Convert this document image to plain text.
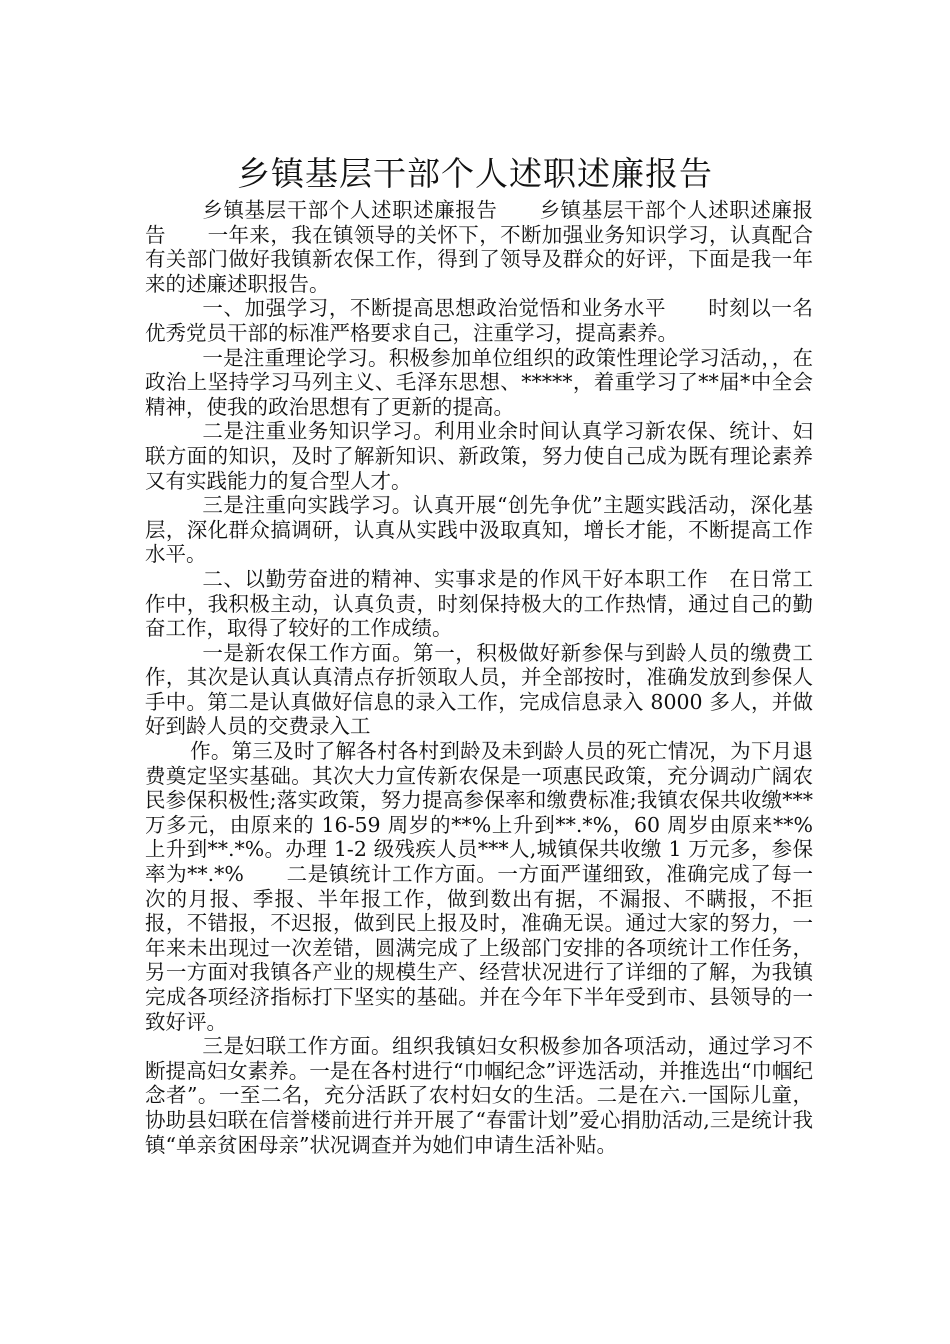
乡镇基层干部个人述职述廉报告

乡镇基层干部个人述职述廉报告　　乡镇基层干部个人述职述廉报告　　一年来，我在镇领导的关怀下，不断加强业务知识学习，认真配合有关部门做好我镇新农保工作，得到了领导及群众的好评，下面是我一年来的述廉述职报告。

一、加强学习，不断提高思想政治觉悟和业务水平　　时刻以一名优秀党员干部的标准严格要求自己，注重学习，提高素养。

一是注重理论学习。积极参加单位组织的政策性理论学习活动，，在政治上坚持学习马列主义、毛泽东思想、*****，着重学习了**届*中全会精神，使我的政治思想有了更新的提高。

二是注重业务知识学习。利用业余时间认真学习新农保、统计、妇联方面的知识，及时了解新知识、新政策，努力使自己成为既有理论素养又有实践能力的复合型人才。

三是注重向实践学习。认真开展“创先争优”主题实践活动，深化基层，深化群众搞调研，认真从实践中汲取真知，增长才能，不断提高工作水平。

二、以勤劳奋进的精神、实事求是的作风干好本职工作　在日常工作中，我积极主动，认真负责，时刻保持极大的工作热情，通过自己的勤奋工作，取得了较好的工作成绩。

一是新农保工作方面。第一，积极做好新参保与到龄人员的缴费工作，其次是认真认真清点存折领取人员，并全部按时，准确发放到参保人手中。第二是认真做好信息的录入工作，完成信息录入 8000 多人，并做好到龄人员的交费录入工

作。第三及时了解各村各村到龄及未到龄人员的死亡情况，为下月退费奠定坚实基础。其次大力宣传新农保是一项惠民政策，充分调动广阔农民参保积极性;落实政策，努力提高参保率和缴费标准;我镇农保共收缴***万多元，由原来的 16-59 周岁的**%上升到**.*%，60 周岁由原来**%上升到**.*%。办理 1-2 级残疾人员***人,城镇保共收缴 1 万元多，参保率为**.*%　　二是镇统计工作方面。一方面严谨细致，准确完成了每一次的月报、季报、半年报工作，做到数出有据，不漏报、不瞒报，不拒报，不错报，不迟报，做到民上报及时，准确无误。通过大家的努力，一年来未出现过一次差错，圆满完成了上级部门安排的各项统计工作任务，另一方面对我镇各产业的规模生产、经营状况进行了详细的了解，为我镇完成各项经济指标打下坚实的基础。并在今年下半年受到市、县领导的一致好评。

三是妇联工作方面。组织我镇妇女积极参加各项活动，通过学习不断提高妇女素养。一是在各村进行“巾帼纪念”评选活动，并推选出“巾帼纪念者”。一至二名，充分活跃了农村妇女的生活。二是在六.一国际儿童，协助县妇联在信誉楼前进行并开展了“春雷计划”爱心捐肋活动,三是统计我镇“单亲贫困母亲”状况调查并为她们申请生活补贴。
